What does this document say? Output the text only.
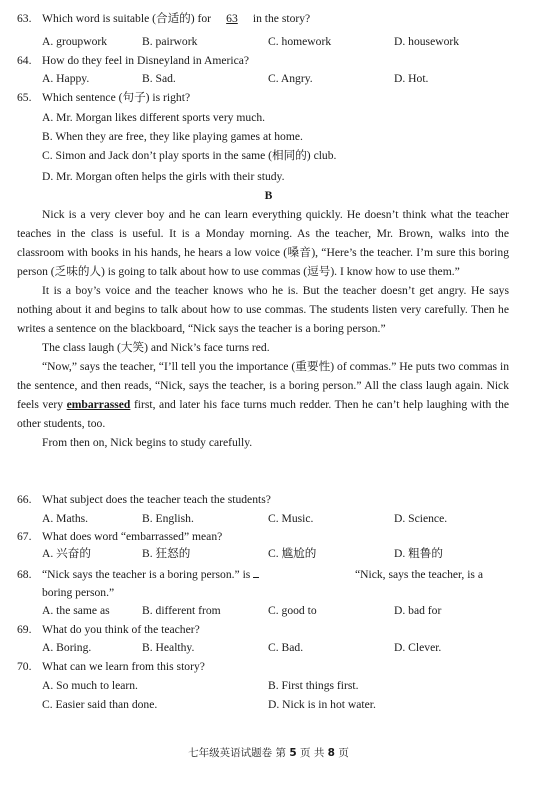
63. Which word is suitable (合适的) for 63 in the story?
A. groupwork	B. pairwork	C. homework	D. housework
64. How do they feel in Disneyland in America?
A. Happy.	B. Sad.	C. Angry.	D. Hot.
65. Which sentence (句子) is right?
A. Mr. Morgan likes different sports very much.
B. When they are free, they like playing games at home.
C. Simon and Jack don’t play sports in the same (相同的) club.
D. Mr. Morgan often helps the girls with their study.
B

Nick is a very clever boy and he can learn everything quickly. He doesn’t think what the teacher teaches in the class is useful. It is a Monday morning. As the teacher, Mr. Brown, walks into the classroom with books in his hands, he hears a low voice (嗓音), “Here’s the teacher. I’m sure this boring person (乏味的人) is going to talk about how to use commas (逗号). I know how to use them.”

It is a boy’s voice and the teacher knows who he is. But the teacher doesn’t get angry. He says nothing about it and begins to talk about how to use commas. The students listen very carefully. Then he writes a sentence on the blackboard, “Nick says the teacher is a boring person.”

The class laugh (大笑) and Nick’s face turns red.

“Now,” says the teacher, “I’ll tell you the importance (重要性) of commas.” He puts two commas in the sentence, and then reads, “Nick, says the teacher, is a boring person.” All the class laugh again. Nick feels very embarrassed first, and later his face turns much redder. Then he can’t help laughing with the other students, too.

From then on, Nick begins to study carefully.

66. What subject does the teacher teach the students?
A. Maths.	B. English.	C. Music.	D. Science.
67. What does word “embarrassed” mean?
A. 兴奋的	B. 狂怒的	C. 尴尬的	D. 粗鲁的
68. “Nick says the teacher is a boring person.” is	“Nick, says the teacher, is a
boring person.”
A. the same as	B. different from	C. good to	D. bad for
69. What do you think of the teacher?
A. Boring.	B. Healthy.	C. Bad.	D. Clever.
70. What can we learn from this story?
A. So much to learn.	B. First things first.
C. Easier said than done.	D. Nick is in hot water.
七年级英语试题卷 第 5 页 共 8 页
